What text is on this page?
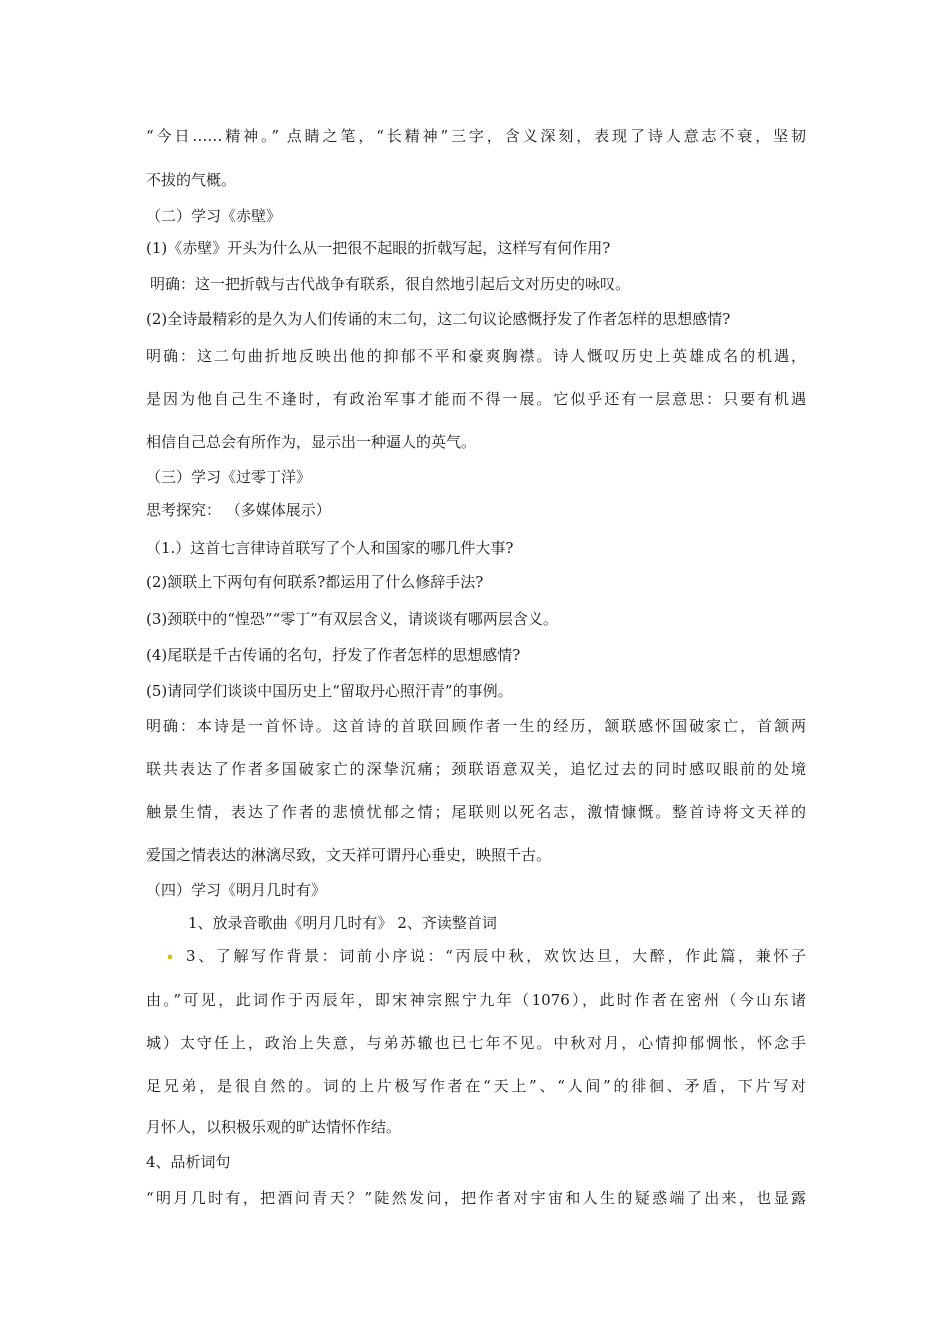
“今日……精神。” 点睛之笔，“长精神”三字，含义深刻，表现了诗人意志不衰，坚韧
不拔的气概。
（二）学习《赤壁》
(1)《赤壁》开头为什么从一把很不起眼的折戟写起，这样写有何作用?
明确：这一把折戟与古代战争有联系，很自然地引起后文对历史的咏叹。
(2)全诗最精彩的是久为人们传诵的末二句，这二句议论感慨抒发了作者怎样的思想感情?
明确：这二句曲折地反映出他的抑郁不平和豪爽胸襟。诗人慨叹历史上英雄成名的机遇，
是因为他自己生不逢时，有政治军事才能而不得一展。它似乎还有一层意思：只要有机遇
相信自己总会有所作为，显示出一种逼人的英气。
（三）学习《过零丁洋》
思考探究： （多媒体展示）
（1.）这首七言律诗首联写了个人和国家的哪几件大事?
(2)颔联上下两句有何联系?都运用了什么修辞手法?
(3)颈联中的“惶恐”“零丁”有双层含义，请谈谈有哪两层含义。
(4)尾联是千古传诵的名句，抒发了作者怎样的思想感情?
(5)请同学们谈谈中国历史上“留取丹心照汗青”的事例。
明确：本诗是一首怀诗。这首诗的首联回顾作者一生的经历，颔联感怀国破家亡，首颔两
联共表达了作者多国破家亡的深挚沉痛；颈联语意双关，追忆过去的同时感叹眼前的处境
触景生情，表达了作者的悲愤忧郁之情；尾联则以死名志，激情慷慨。整首诗将文天祥的
爱国之情表达的淋漓尽致，文天祥可谓丹心垂史，映照千古。
（四）学习《明月几时有》
1、放录音歌曲《明月几时有》 2、齐读整首词
3、了解写作背景：词前小序说：“丙辰中秋，欢饮达旦，大醉，作此篇，兼怀子
由。”可见，此词作于丙辰年，即宋神宗熙宁九年（1076），此时作者在密州（今山东诸
城）太守任上，政治上失意，与弟苏辙也已七年不见。中秋对月，心情抑郁惆怅，怀念手
足兄弟，是很自然的。词的上片极写作者在“天上”、“人间”的徘徊、矛盾，下片写对
月怀人，以积极乐观的旷达情怀作结。
4、品析词句
“明月几时有，把酒问青天？”陡然发问，把作者对宇宙和人生的疑惑端了出来，也显露
